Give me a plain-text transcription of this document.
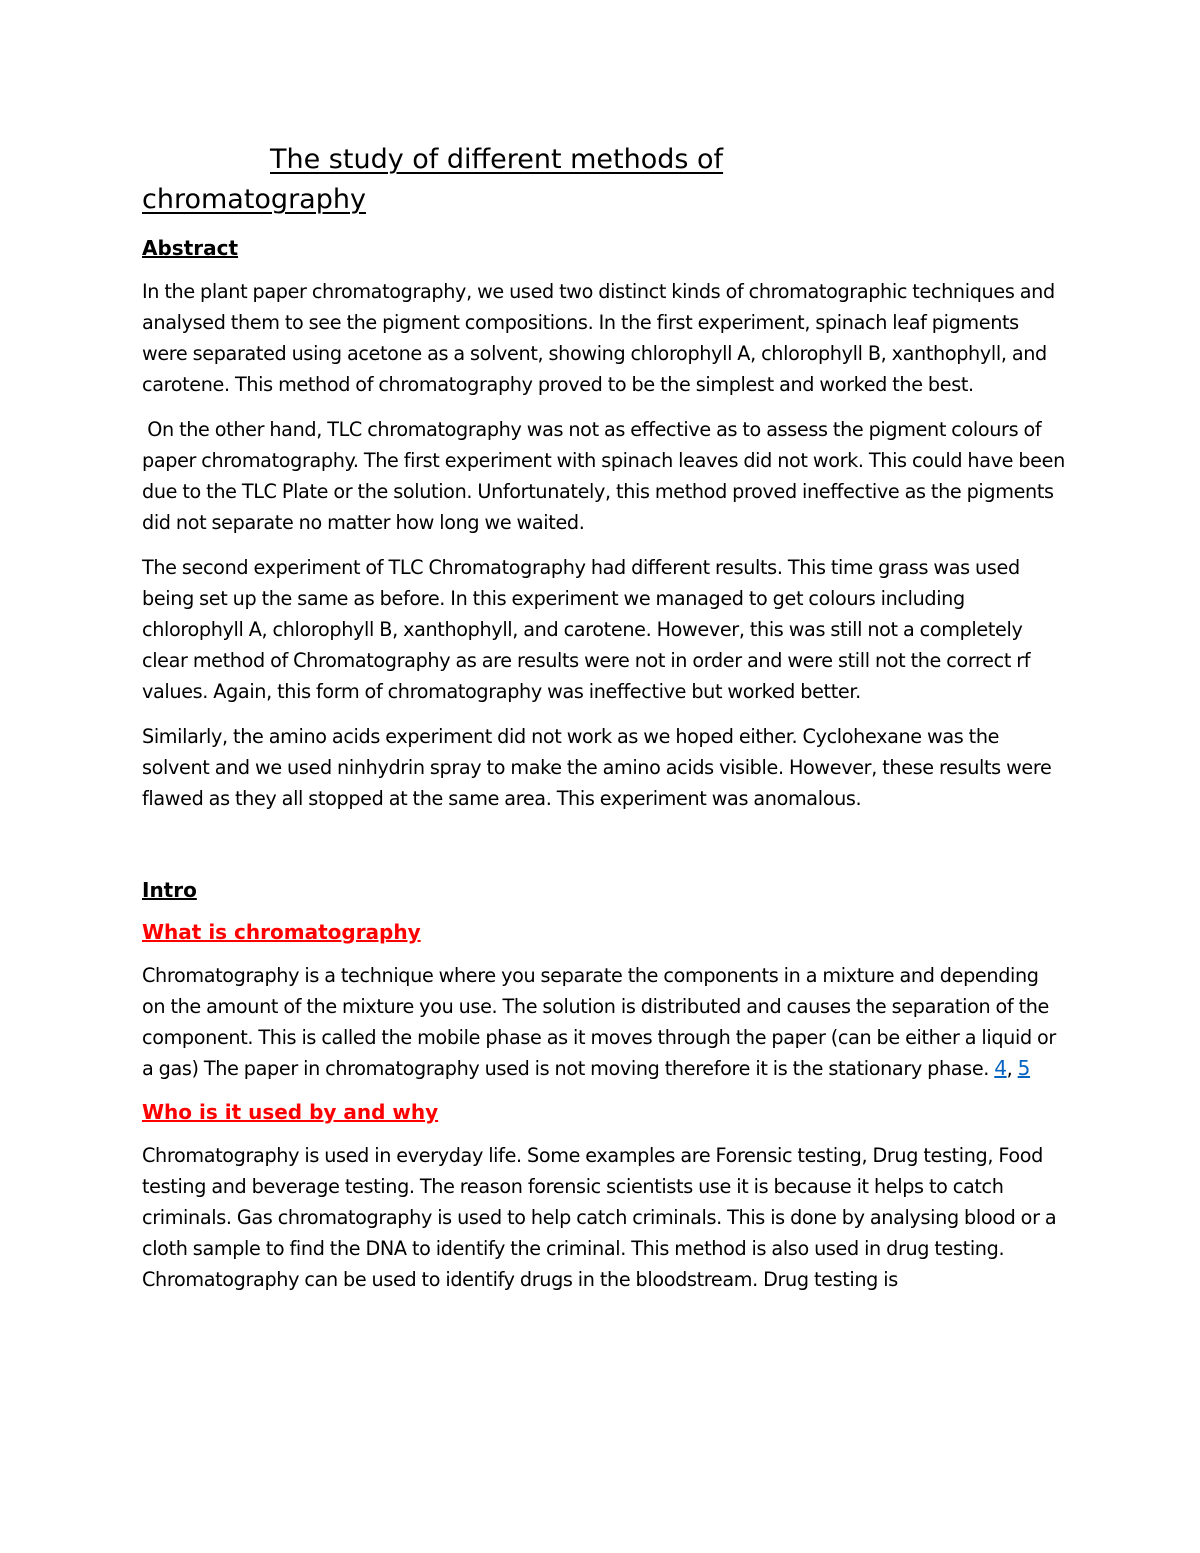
The study of different methods of
chromatography
Abstract

In the plant paper chromatography, we used two distinct kinds of chromatographic techniques and analysed them to see the pigment compositions. In the first experiment, spinach leaf pigments were separated using acetone as a solvent, showing chlorophyll A, chlorophyll B, xanthophyll, and carotene. This method of chromatography proved to be the simplest and worked the best.

On the other hand, TLC chromatography was not as effective as to assess the pigment colours of paper chromatography. The first experiment with spinach leaves did not work. This could have been due to the TLC Plate or the solution. Unfortunately, this method proved ineffective as the pigments did not separate no matter how long we waited.

The second experiment of TLC Chromatography had different results. This time grass was used being set up the same as before. In this experiment we managed to get colours including chlorophyll A, chlorophyll B, xanthophyll, and carotene. However, this was still not a completely clear method of Chromatography as are results were not in order and were still not the correct rf values. Again, this form of chromatography was ineffective but worked better.

Similarly, the amino acids experiment did not work as we hoped either. Cyclohexane was the solvent and we used ninhydrin spray to make the amino acids visible. However, these results were flawed as they all stopped at the same area. This experiment was anomalous.

Intro
What is chromatography

Chromatography is a technique where you separate the components in a mixture and depending on the amount of the mixture you use. The solution is distributed and causes the separation of the component. This is called the mobile phase as it moves through the paper (can be either a liquid or a gas) The paper in chromatography used is not moving therefore it is the stationary phase. 4, 5

Who is it used by and why

Chromatography is used in everyday life. Some examples are Forensic testing, Drug testing, Food testing and beverage testing. The reason forensic scientists use it is because it helps to catch criminals. Gas chromatography is used to help catch criminals. This is done by analysing blood or a cloth sample to find the DNA to identify the criminal. This method is also used in drug testing. Chromatography can be used to identify drugs in the bloodstream. Drug testing is
